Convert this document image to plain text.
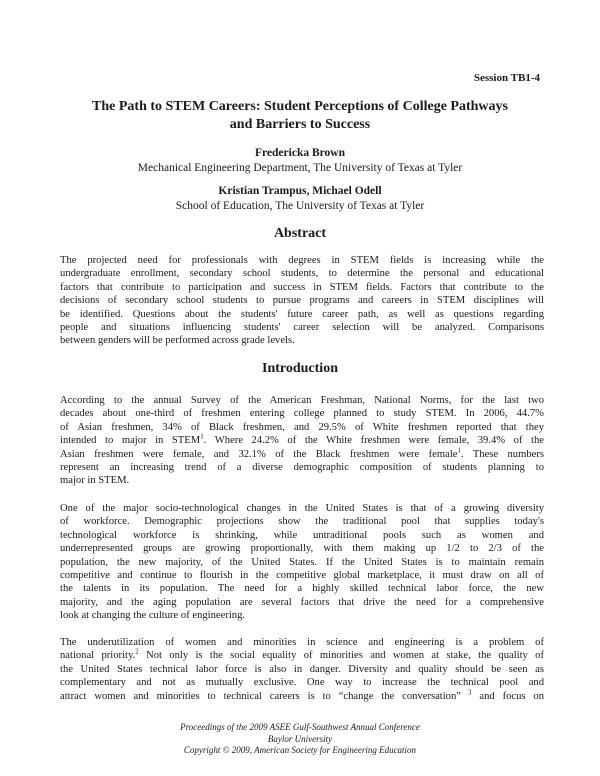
Session TB1-4
The Path to STEM Careers: Student Perceptions of College Pathways
and Barriers to Success
Fredericka Brown
Mechanical Engineering Department, The University of Texas at Tyler
Kristian Trampus, Michael Odell
School of Education, The University of Texas at Tyler
Abstract
The projected need for professionals with degrees in STEM fields is increasing while the
undergraduate enrollment, secondary school students, to determine the personal and educational
factors that contribute to participation and success in STEM fields. Factors that contribute to the
decisions of secondary school students to pursue programs and careers in STEM disciplines will
be identified. Questions about the students' future career path, as well as questions regarding
people and situations influencing students' career selection will be analyzed. Comparisons
between genders will be performed across grade levels.
Introduction
According to the annual Survey of the American Freshman, National Norms, for the last two
decades about one-third of freshmen entering college planned to study STEM. In 2006, 44.7%
of Asian freshmen, 34% of Black freshmen, and 29.5% of White freshmen reported that they
intended to major in STEM$^1$. Where 24.2% of the White freshmen were female, 39.4% of the
Asian freshmen were female, and 32.1% of the Black freshmen were female$^1$. These numbers
represent an increasing trend of a diverse demographic composition of students planning to
major in STEM.
One of the major socio-technological changes in the United States is that of a growing diversity
of workforce. Demographic projections show the traditional pool that supplies today's
technological workforce is shrinking, while untraditional pools such as women and
underrepresented groups are growing proportionally, with them making up 1/2 to 2/3 of the
population, the new majority, of the United States. If the United States is to maintain remain
competitive and continue to flourish in the competitive global marketplace, it must draw on all of
the talents in its population. The need for a highly skilled technical labor force, the new
majority, and the aging population are several factors that drive the need for a comprehensive
look at changing the culture of engineering.
The underutilization of women and minorities in science and engineering is a problem of
national priority.$^2$ Not only is the social equality of minorities and women at stake, the quality of
the United States technical labor force is also in danger. Diversity and quality should be seen as
complementary and not as mutually exclusive. One way to increase the technical pool and
attract women and minorities to technical careers is to “change the conversation” $^3$ and focus on
Proceedings of the 2009 ASEE Gulf-Southwest Annual Conference
Baylor University
Copyright © 2009, American Society for Engineering Education
